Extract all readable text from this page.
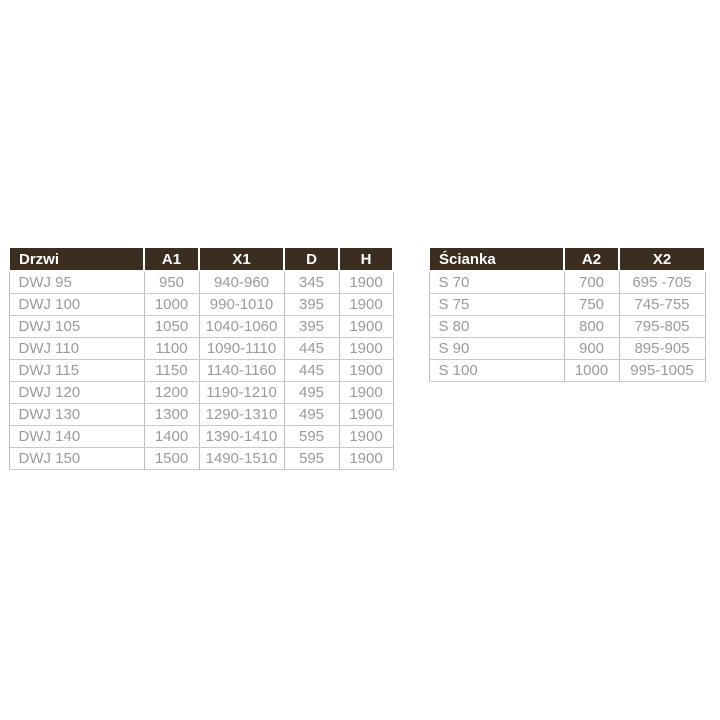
Drzwi	A1	X1	D	H
DWJ 95	950	940-960	345	1900
DWJ 100	1000	990-1010	395	1900
DWJ 105	1050	1040-1060	395	1900
DWJ 110	1100	1090-1110	445	1900
DWJ 115	1150	1140-1160	445	1900
DWJ 120	1200	1190-1210	495	1900
DWJ 130	1300	1290-1310	495	1900
DWJ 140	1400	1390-1410	595	1900
DWJ 150	1500	1490-1510	595	1900
Ścianka	A2	X2
S 70	700	695 -705
S 75	750	745-755
S 80	800	795-805
S 90	900	895-905
S 100	1000	995-1005
